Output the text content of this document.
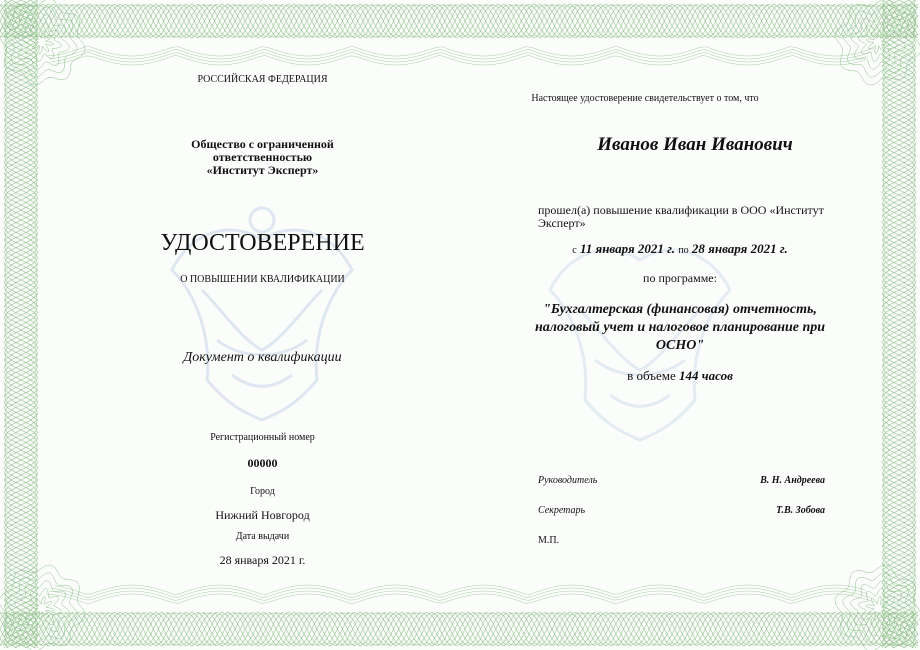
РОССИЙСКАЯ ФЕДЕРАЦИЯ
Общество с ограниченной
ответственностью
«Институт Эксперт»
УДОСТОВЕРЕНИЕ
О ПОВЫШЕНИИ КВАЛИФИКАЦИИ
Документ о квалификации
Регистрационный номер
00000
Город
Нижний Новгород
Дата выдачи
28 января 2021 г.
Настоящее удостоверение свидетельствует о том, что
Иванов Иван Иванович
прошел(а) повышение квалификации в ООО «Институт
Эксперт»
с 11 января 2021 г. по 28 января 2021 г.
по программе:
"Бухгалтерская (финансовая) отчетность,
налоговый учет и налоговое планирование при
ОСНО"
в объеме 144 часов
Руководитель	В. Н. Андреева
Секретарь	Т.В. Зобова
М.П.
